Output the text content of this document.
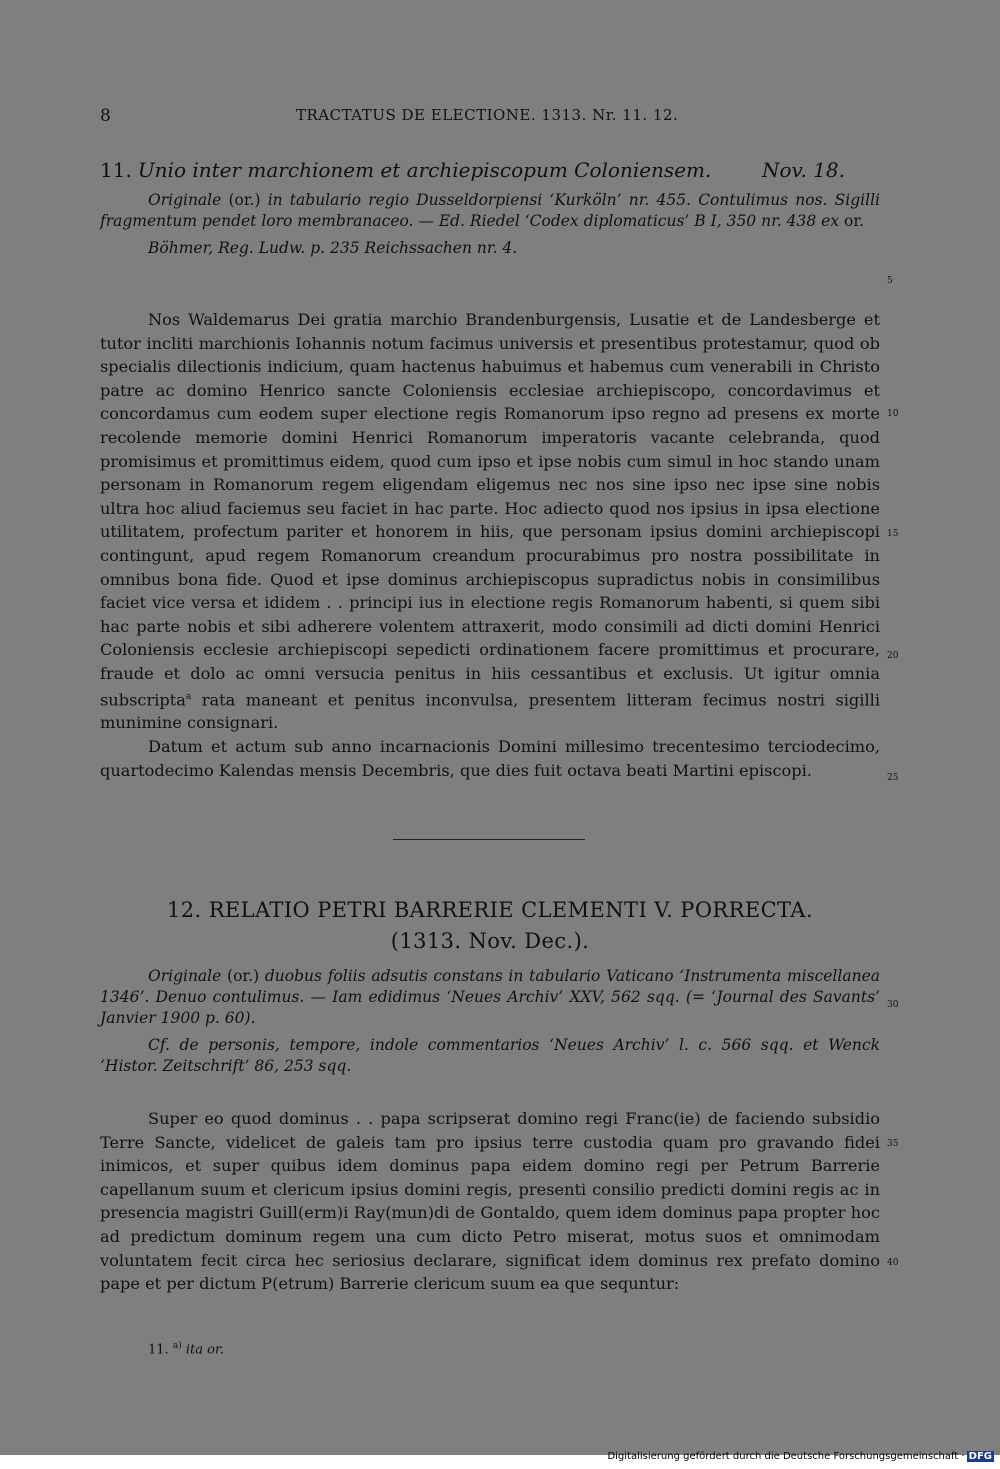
8	TRACTATUS DE ELECTIONE. 1313. Nr. 11. 12.
11. Unio inter marchionem et archiepiscopum Coloniensem.	Nov. 18.
Originale (or.) in tabulario regio Dusseldorpiensi ‘Kurköln’ nr. 455. Contulimus nos. Sigilli fragmentum pendet loro membranaceo. — Ed. Riedel ‘Codex diplomaticus’ B I, 350 nr. 438 ex or.
Böhmer, Reg. Ludw. p. 235 Reichssachen nr. 4.

Nos Waldemarus Dei gratia marchio Brandenburgensis, Lusatie et de Landesberge et tutor incliti marchionis Iohannis notum facimus universis et presentibus protestamur, quod ob specialis dilectionis indicium, quam hactenus habuimus et habemus cum venerabili in Christo patre ac domino Henrico sancte Coloniensis ecclesiae archiepiscopo, concordavimus et concordamus cum eodem super electione regis Romanorum ipso regno ad presens ex morte recolende memorie domini Henrici Romanorum imperatoris vacante celebranda, quod promisimus et promittimus eidem, quod cum ipso et ipse nobis cum simul in hoc stando unam personam in Romanorum regem eligendam eligemus nec nos sine ipso nec ipse sine nobis ultra hoc aliud faciemus seu faciet in hac parte. Hoc adiecto quod nos ipsius in ipsa electione utilitatem, profectum pariter et honorem in hiis, que personam ipsius domini archiepiscopi contingunt, apud regem Romanorum creandum procurabimus pro nostra possibilitate in omnibus bona fide. Quod et ipse dominus archiepiscopus supradictus nobis in consimilibus faciet vice versa et ididem . . principi ius in electione regis Romanorum habenti, si quem sibi hac parte nobis et sibi adherere volentem attraxerit, modo consimili ad dicti domini Henrici Coloniensis ecclesie archiepiscopi sepedicti ordinationem facere promittimus et procurare, fraude et dolo ac omni versucia penitus in hiis cessantibus et exclusis. Ut igitur omnia subscripta$^a$ rata maneant et penitus inconvulsa, presentem litteram fecimus nostri sigilli munimine consignari.

Datum et actum sub anno incarnacionis Domini millesimo trecentesimo terciodecimo, quartodecimo Kalendas mensis Decembris, que dies fuit octava beati Martini episcopi.

12. RELATIO PETRI BARRERIE CLEMENTI V. PORRECTA.
(1313. Nov. Dec.).
Originale (or.) duobus foliis adsutis constans in tabulario Vaticano ‘Instrumenta miscellanea 1346’. Denuo contulimus. — Iam edidimus ‘Neues Archiv’ XXV, 562 sqq. (= ‘Journal des Savants’ Janvier 1900 p. 60).
Cf. de personis, tempore, indole commentarios ‘Neues Archiv’ l. c. 566 sqq. et Wenck ‘Histor. Zeitschrift’ 86, 253 sqq.

Super eo quod dominus . . papa scripserat domino regi Franc(ie) de faciendo subsidio Terre Sancte, videlicet de galeis tam pro ipsius terre custodia quam pro gravando fidei inimicos, et super quibus idem dominus papa eidem domino regi per Petrum Barrerie capellanum suum et clericum ipsius domini regis, presenti consilio predicti domini regis ac in presencia magistri Guill(erm)i Ray(mun)di de Gontaldo, quem idem dominus papa propter hoc ad predictum dominum regem una cum dicto Petro miserat, motus suos et omnimodam voluntatem fecit circa hec seriosius declarare, significat idem dominus rex prefato domino pape et per dictum P(etrum) Barrerie clericum suum ea que sequntur:

5
10
15
20
25
30
35
40
11. $^{a)}$ ita or.
Digitalisierung gefördert durch die Deutsche Forschungsgemeinschaft · DFG
